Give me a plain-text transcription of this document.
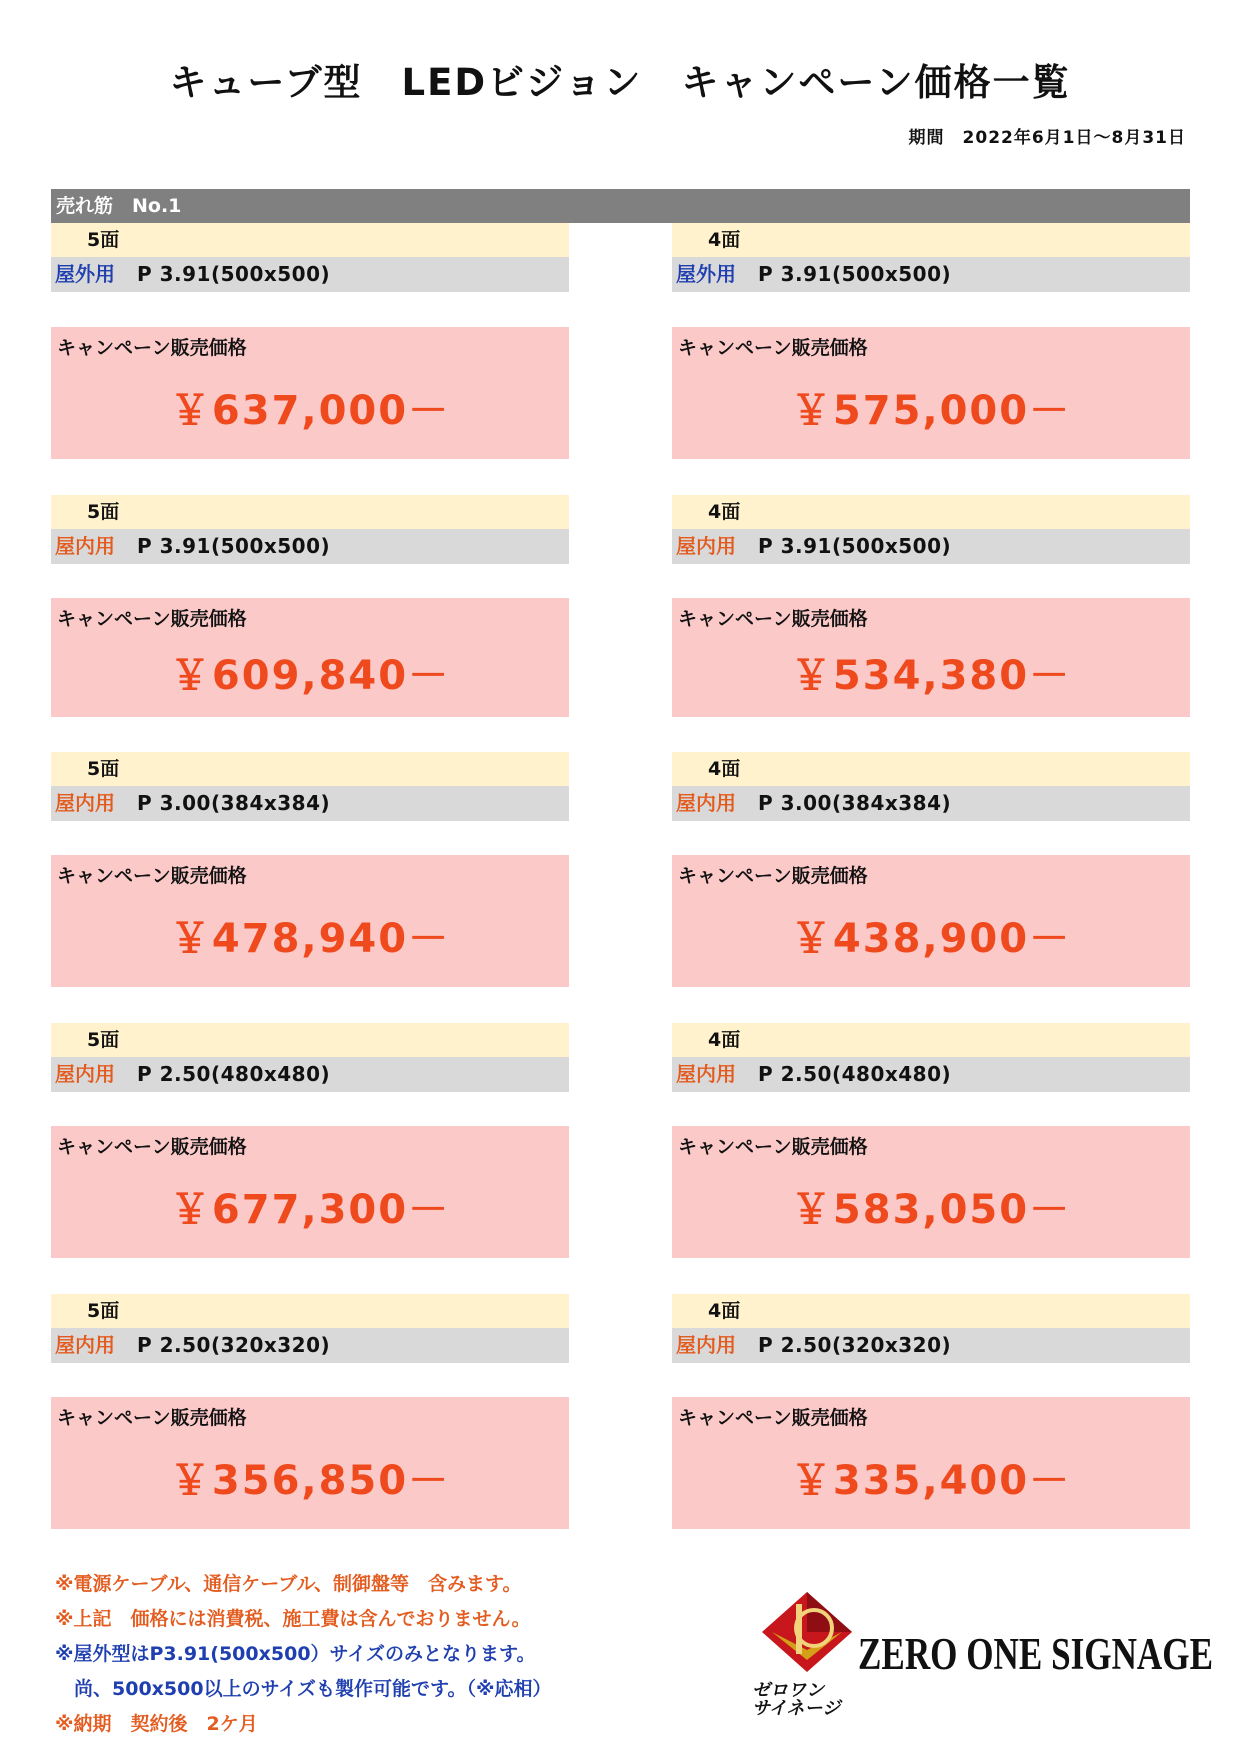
キューブ型　LEDビジョン　キャンペーン価格一覧
期間　2022年6月1日～8月31日
売れ筋　No.1
5面
屋外用 P 3.91(500x500)
キャンペーン販売価格
￥637,000－
5面
屋内用 P 3.91(500x500)
キャンペーン販売価格
￥609,840－
5面
屋内用 P 3.00(384x384)
キャンペーン販売価格
￥478,940－
5面
屋内用 P 2.50(480x480)
キャンペーン販売価格
￥677,300－
5面
屋内用 P 2.50(320x320)
キャンペーン販売価格
￥356,850－
4面
屋外用 P 3.91(500x500)
キャンペーン販売価格
￥575,000－
4面
屋内用 P 3.91(500x500)
キャンペーン販売価格
￥534,380－
4面
屋内用 P 3.00(384x384)
キャンペーン販売価格
￥438,900－
4面
屋内用 P 2.50(480x480)
キャンペーン販売価格
￥583,050－
4面
屋内用 P 2.50(320x320)
キャンペーン販売価格
￥335,400－
※電源ケーブル、通信ケーブル、制御盤等　含みます。
※上記　価格には消費税、施工費は含んでおりません。
※屋外型はP3.91(500x500）サイズのみとなります。
　尚、500x500以上のサイズも製作可能です。（※応相）
※納期　契約後　2ケ月
ZERO ONE SIGNAGE
ゼロワン
サイネージ
